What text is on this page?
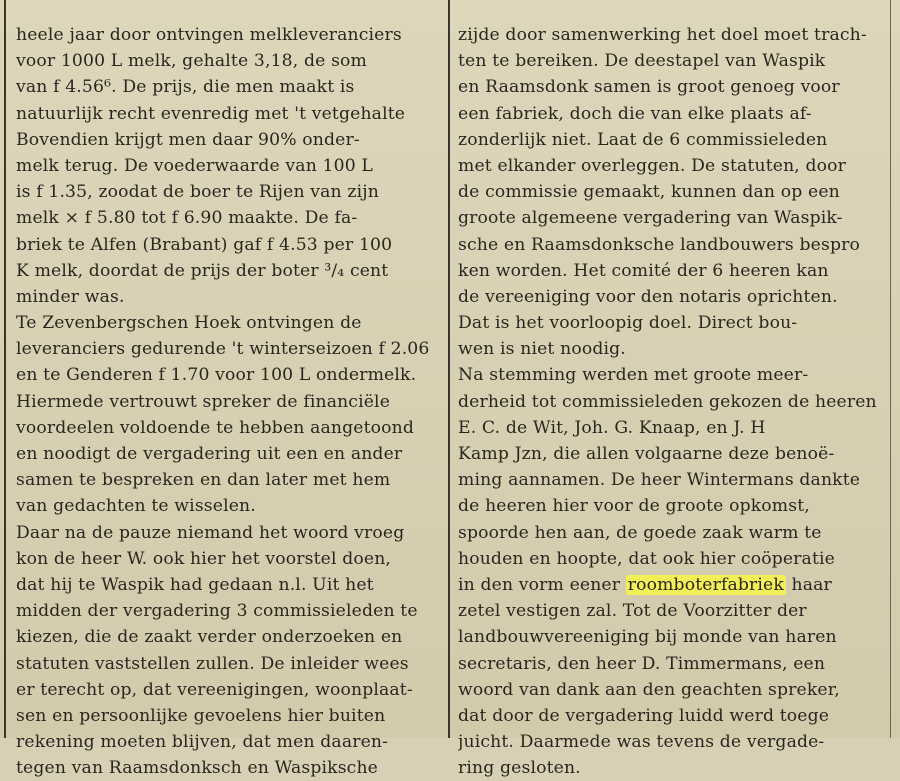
heele jaar door ontvingen melkleveranciers
voor 1000 L melk, gehalte 3,18, de som
van f 4.56⁶. De prijs, die men maakt is
natuurlijk recht evenredig met 't vetgehalte
Bovendien krijgt men daar 90% onder-
melk terug. De voederwaarde van 100 L
is f 1.35, zoodat de boer te Rijen van zijn
melk × f 5.80 tot f 6.90 maakte. De fa-
briek te Alfen (Brabant) gaf f 4.53 per 100
K melk, doordat de prijs der boter ³/₄ cent
minder was.
Te Zevenbergschen Hoek ontvingen de
leveranciers gedurende 't winterseizoen f 2.06
en te Genderen f 1.70 voor 100 L ondermelk.
Hiermede vertrouwt spreker de financiële
voordeelen voldoende te hebben aangetoond
en noodigt de vergadering uit een en ander
samen te bespreken en dan later met hem
van gedachten te wisselen.
Daar na de pauze niemand het woord vroeg
kon de heer W. ook hier het voorstel doen,
dat hij te Waspik had gedaan n.l. Uit het
midden der vergadering 3 commissieleden te
kiezen, die de zaakt verder onderzoeken en
statuten vaststellen zullen. De inleider wees
er terecht op, dat vereenigingen, woonplaat-
sen en persoonlijke gevoelens hier buiten
rekening moeten blijven, dat men daaren-
tegen van Raamsdonksch en Waspiksche
zijde door samenwerking het doel moet trach-
ten te bereiken. De deestapel van Waspik
en Raamsdonk samen is groot genoeg voor
een fabriek, doch die van elke plaats af-
zonderlijk niet. Laat de 6 commissieleden
met elkander overleggen. De statuten, door
de commissie gemaakt, kunnen dan op een
groote algemeene vergadering van Waspik-
sche en Raamsdonksche landbouwers bespro
ken worden. Het comité der 6 heeren kan
de vereeniging voor den notaris oprichten.
Dat is het voorloopig doel. Direct bou-
wen is niet noodig.
Na stemming werden met groote meer-
derheid tot commissieleden gekozen de heeren
E. C. de Wit, Joh. G. Knaap, en J. H
Kamp Jzn, die allen volgaarne deze benoë-
ming aannamen. De heer Wintermans dankte
de heeren hier voor de groote opkomst,
spoorde hen aan, de goede zaak warm te
houden en hoopte, dat ook hier coöperatie
in den vorm eener roomboterfabriek haar
zetel vestigen zal. Tot de Voorzitter der
landbouwvereeniging bij monde van haren
secretaris, den heer D. Timmermans, een
woord van dank aan den geachten spreker,
dat door de vergadering luidd werd toege
juicht. Daarmede was tevens de vergade-
ring gesloten.
